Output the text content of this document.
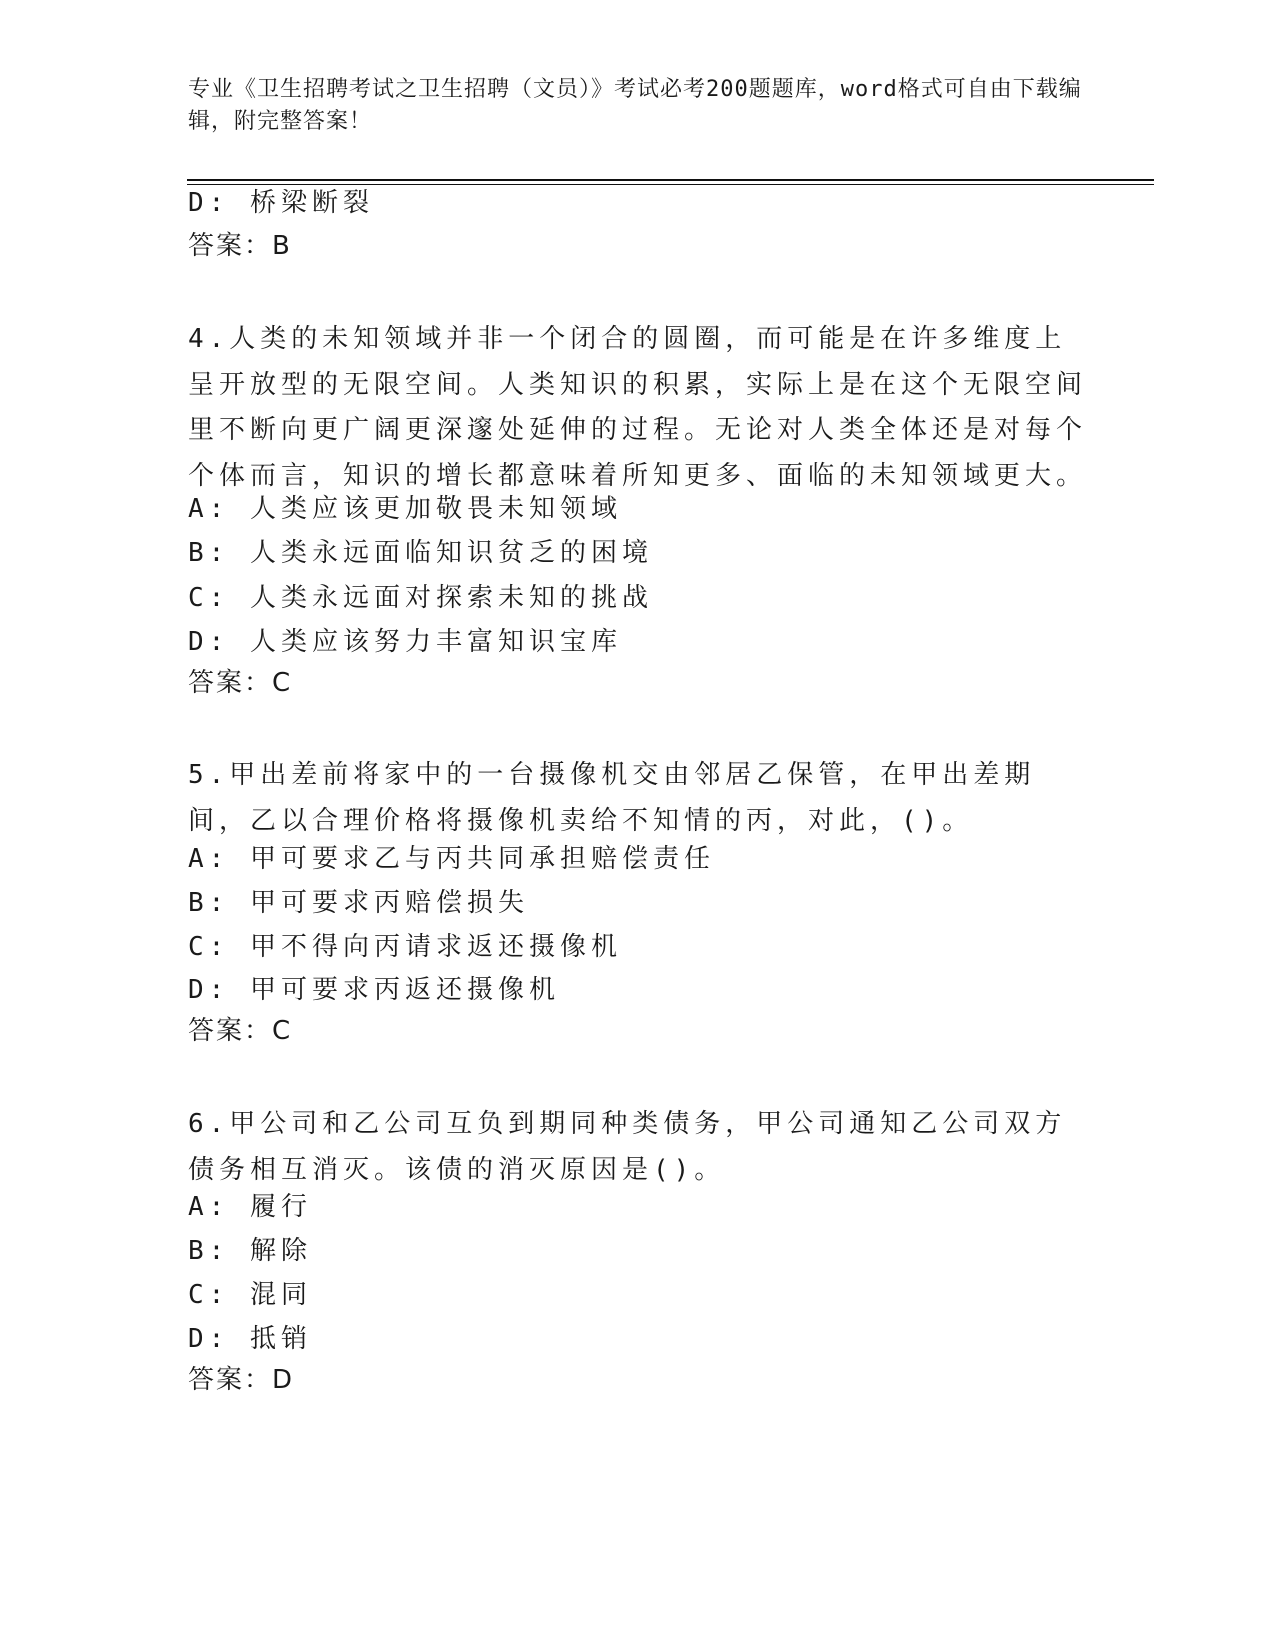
专业《卫生招聘考试之卫生招聘（文员）》考试必考200题题库，word格式可自由下载编辑，附完整答案！
D: 桥梁断裂
答案：B
4.人类的未知领域并非一个闭合的圆圈，而可能是在许多维度上呈开放型的无限空间。人类知识的积累，实际上是在这个无限空间里不断向更广阔更深邃处延伸的过程。无论对人类全体还是对每个个体而言，知识的增长都意味着所知更多、面临的未知领域更大。
A: 人类应该更加敬畏未知领域
B: 人类永远面临知识贫乏的困境
C: 人类永远面对探索未知的挑战
D: 人类应该努力丰富知识宝库
答案：C
5.甲出差前将家中的一台摄像机交由邻居乙保管，在甲出差期间，乙以合理价格将摄像机卖给不知情的丙，对此，()。
A: 甲可要求乙与丙共同承担赔偿责任
B: 甲可要求丙赔偿损失
C: 甲不得向丙请求返还摄像机
D: 甲可要求丙返还摄像机
答案：C
6.甲公司和乙公司互负到期同种类债务，甲公司通知乙公司双方债务相互消灭。该债的消灭原因是()。
A: 履行
B: 解除
C: 混同
D: 抵销
答案：D
